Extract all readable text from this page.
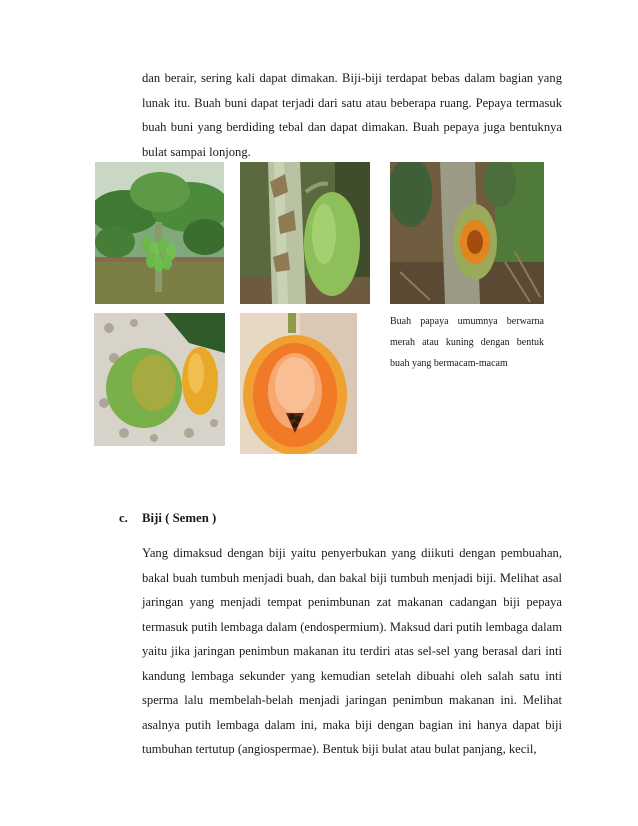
dan berair, sering kali dapat dimakan. Biji-biji terdapat bebas dalam bagian yang lunak itu. Buah buni dapat terjadi dari satu atau beberapa ruang. Pepaya termasuk buah buni yang berdiding tebal dan dapat dimakan. Buah pepaya juga bentuknya bulat sampai lonjong.

Buah papaya umumnya berwarna merah atau kuning dengan bentuk buah yang bermacam-macam

c. Biji ( Semen )

Yang dimaksud dengan biji yaitu penyerbukan yang diikuti dengan pembuahan, bakal buah tumbuh menjadi buah, dan bakal biji tumbuh menjadi biji. Melihat asal jaringan yang menjadi tempat penimbunan zat makanan cadangan biji pepaya termasuk putih lembaga dalam (endospermium). Maksud dari putih lembaga dalam yaitu jika jaringan penimbun makanan itu terdiri atas sel-sel yang berasal dari inti kandung lembaga sekunder yang kemudian setelah dibuahi oleh salah satu inti sperma lalu membelah-belah menjadi jaringan penimbun makanan ini. Melihat asalnya putih lembaga dalam ini, maka biji dengan bagian ini hanya dapat biji tumbuhan tertutup (angiospermae). Bentuk biji bulat atau bulat panjang, kecil,
